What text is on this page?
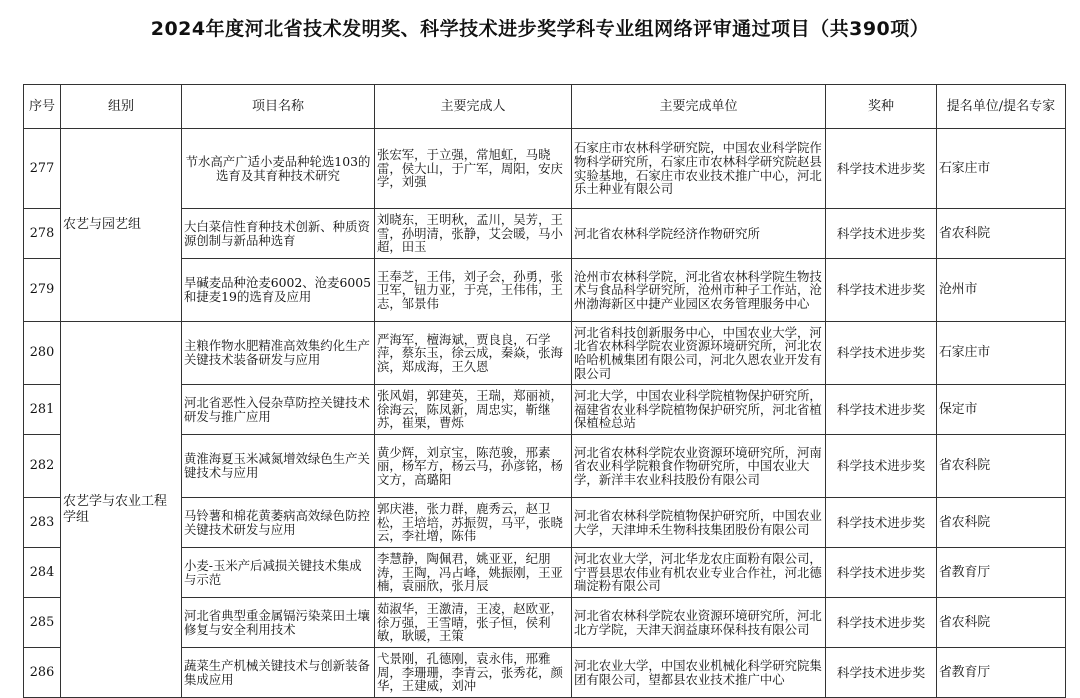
2024年度河北省技术发明奖、科学技术进步奖学科专业组网络评审通过项目（共390项）
序号	组别	项目名称	主要完成人	主要完成单位	奖种	提名单位/提名专家
277	农艺与园艺组	节水高产广适小麦品种轮选103的选育及其育种技术研究	张宏军，于立强，常旭虹，马晓雷，侯大山，于广军，周阳，安庆学，刘强	石家庄市农林科学研究院，中国农业科学院作物科学研究所，石家庄市农林科学研究院赵县实验基地，石家庄市农业技术推广中心，河北乐土种业有限公司	科学技术进步奖	石家庄市
278		大白菜信性育种技术创新、种质资源创制与新品种选育	刘晓东，王明秋，孟川，吴芳，王雪，孙明清，张静，艾会暖，马小超，田玉	河北省农林科学院经济作物研究所	科学技术进步奖	省农科院
279		旱碱麦品种沧麦6002、沧麦6005和捷麦19的选育及应用	王奉芝，王伟，刘子会，孙勇，张卫军，钮力亚，于亮，王伟伟，王志，邹景伟	沧州市农林科学院，河北省农林科学院生物技术与食品科学研究所，沧州市种子工作站，沧州渤海新区中捷产业园区农务管理服务中心	科学技术进步奖	沧州市
280	农艺学与农业工程学组	主粮作物水肥精准高效集约化生产关键技术装备研发与应用	严海军，檀海斌，贾良良，石学萍，蔡东玉，徐云成，秦焱，张海滨，郑成海，王久恩	河北省科技创新服务中心，中国农业大学，河北省农林科学院农业资源环境研究所，河北农哈哈机械集团有限公司，河北久恩农业开发有限公司	科学技术进步奖	石家庄市
281		河北省恶性入侵杂草防控关键技术研发与推广应用	张风娟，郭建英，王瑞，郑丽祯，徐海云，陈凤新，周忠实，靳继苏，崔栗，曹烁	河北大学，中国农业科学院植物保护研究所，福建省农业科学院植物保护研究所，河北省植保植检总站	科学技术进步奖	保定市
282		黄淮海夏玉米减氮增效绿色生产关键技术与应用	黄少辉，刘京宝，陈范骏，邢素丽，杨军方，杨云马，孙彦铭，杨文方，高璐阳	河北省农林科学院农业资源环境研究所，河南省农业科学院粮食作物研究所，中国农业大学，新洋丰农业科技股份有限公司	科学技术进步奖	省农科院
283		马铃薯和棉花黄萎病高效绿色防控关键技术研发与应用	郭庆港，张力群，鹿秀云，赵卫松，王培培，苏振贺，马平，张晓云，李社增，陈伟	河北省农林科学院植物保护研究所，中国农业大学，天津坤禾生物科技集团股份有限公司	科学技术进步奖	省农科院
284		小麦-玉米产后减损关键技术集成与示范	李慧静，陶佩君，姚亚亚，纪朋涛，王陶，冯占峰，姚振刚，王亚楠，袁丽欣，张月辰	河北农业大学，河北华龙农庄面粉有限公司，宁晋县思农伟业有机农业专业合作社，河北德瑞淀粉有限公司	科学技术进步奖	省教育厅
285		河北省典型重金属镉污染菜田土壤修复与安全利用技术	茹淑华，王激清，王凌，赵欧亚，徐万强，王雪晴，张子恒，侯利敏，耿暖，王策	河北省农林科学院农业资源环境研究所，河北北方学院，天津天润益康环保科技有限公司	科学技术进步奖	省农科院
286		蔬菜生产机械关键技术与创新装备集成应用	弋景刚，孔德刚，袁永伟，邢雅周，李珊珊，李青云，张秀花，颜华，王建威，刘冲	河北农业大学，中国农业机械化科学研究院集团有限公司，望都县农业技术推广中心	科学技术进步奖	省教育厅
